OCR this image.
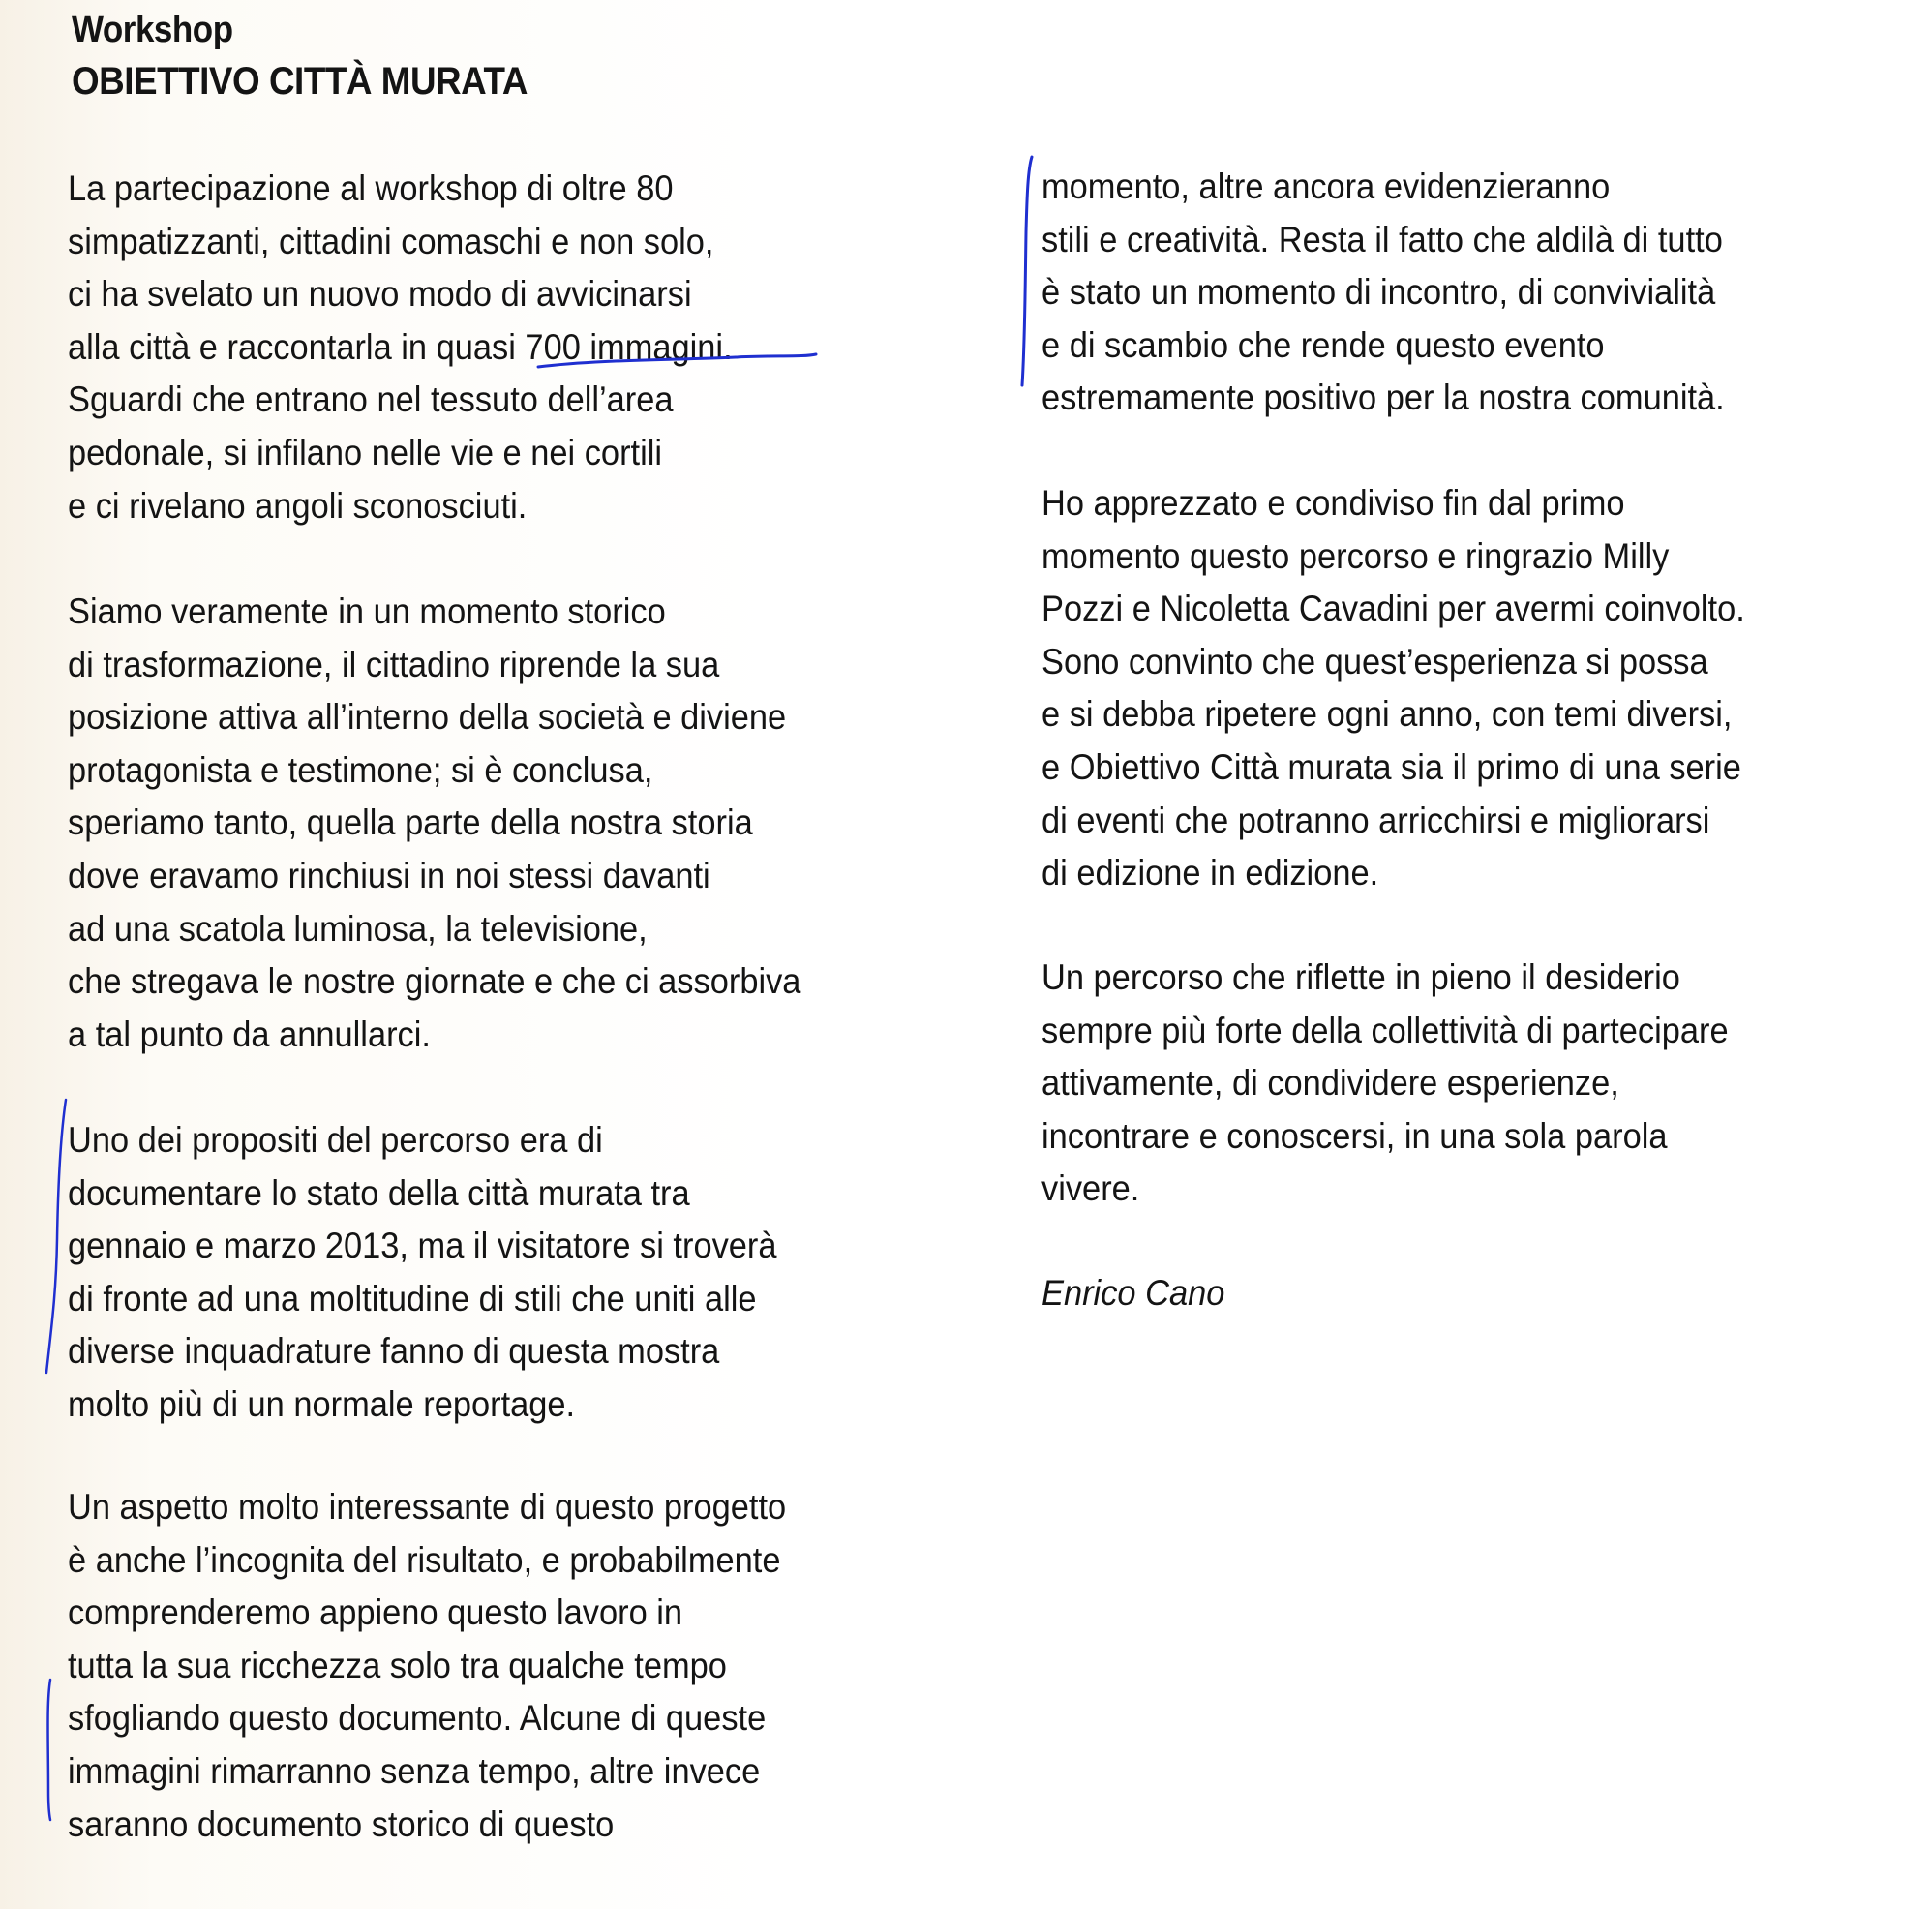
Workshop
OBIETTIVO CITTÀ MURATA
La partecipazione al workshop di oltre 80
simpatizzanti, cittadini comaschi e non solo,
ci ha svelato un nuovo modo di avvicinarsi
alla città e raccontarla in quasi 700 immagini.
Sguardi che entrano nel tessuto dell’area
pedonale, si infilano nelle vie e nei cortili
e ci rivelano angoli sconosciuti.
Siamo veramente in un momento storico
di trasformazione, il cittadino riprende la sua
posizione attiva all’interno della società e diviene
protagonista e testimone; si è conclusa,
speriamo tanto, quella parte della nostra storia
dove eravamo rinchiusi in noi stessi davanti
ad una scatola luminosa, la televisione,
che stregava le nostre giornate e che ci assorbiva
a tal punto da annullarci.
Uno dei propositi del percorso era di
documentare lo stato della città murata tra
gennaio e marzo 2013, ma il visitatore si troverà
di fronte ad una moltitudine di stili che uniti alle
diverse inquadrature fanno di questa mostra
molto più di un normale reportage.
Un aspetto molto interessante di questo progetto
è anche l’incognita del risultato, e probabilmente
comprenderemo appieno questo lavoro in
tutta la sua ricchezza solo tra qualche tempo
sfogliando questo documento. Alcune di queste
immagini rimarranno senza tempo, altre invece
saranno documento storico di questo
momento, altre ancora evidenzieranno
stili e creatività. Resta il fatto che aldilà di tutto
è stato un momento di incontro, di convivialità
e di scambio che rende questo evento
estremamente positivo per la nostra comunità.
Ho apprezzato e condiviso fin dal primo
momento questo percorso e ringrazio Milly
Pozzi e Nicoletta Cavadini per avermi coinvolto.
Sono convinto che quest’esperienza si possa
e si debba ripetere ogni anno, con temi diversi,
e Obiettivo Città murata sia il primo di una serie
di eventi che potranno arricchirsi e migliorarsi
di edizione in edizione.
Un percorso che riflette in pieno il desiderio
sempre più forte della collettività di partecipare
attivamente, di condividere esperienze,
incontrare e conoscersi, in una sola parola
vivere.
Enrico Cano
